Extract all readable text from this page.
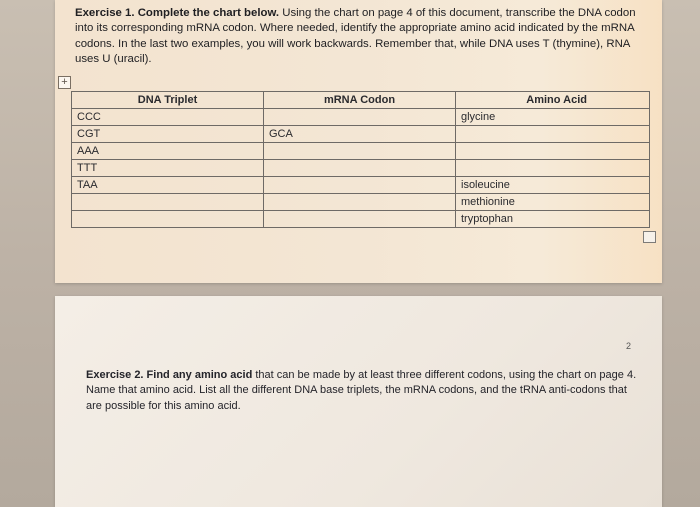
Exercise 1. Complete the chart below. Using the chart on page 4 of this document, transcribe the DNA codon into its corresponding mRNA codon. Where needed, identify the appropriate amino acid indicated by the mRNA codons. In the last two examples, you will work backwards. Remember that, while DNA uses T (thymine), RNA uses U (uracil).

+
DNA Triplet	mRNA Codon	Amino Acid
CCC		glycine
CGT	GCA	
AAA		
TTT		
TAA		isoleucine
		methionine
		tryptophan
2

Exercise 2. Find any amino acid that can be made by at least three different codons, using the chart on page 4. Name that amino acid. List all the different DNA base triplets, the mRNA codons, and the tRNA anti-codons that are possible for this amino acid.
